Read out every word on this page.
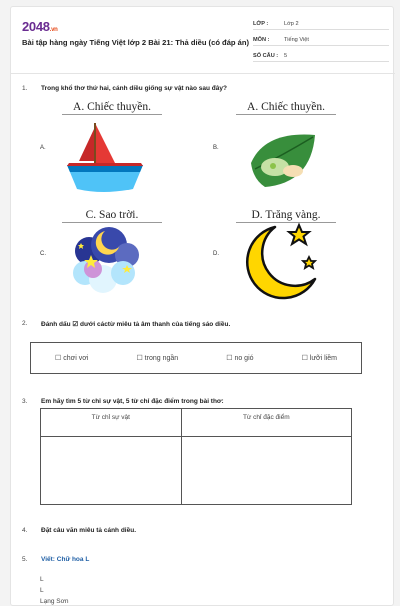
2048.vn
Bài tập hàng ngày Tiếng Việt lớp 2 Bài 21: Thả diều (có đáp án)
LỚP :	Lớp 2
MÔN :	Tiếng Việt
SỐ CÂU : 5
1. Trong khổ thơ thứ hai, cánh diều giống sự vật nào sau đây?
A. Chiếc thuyền.	A. Chiếc thuyền.
A.	B.
C. Sao trời.	D. Trăng vàng.
C.	D.
2. Đánh dấu ☑ dưới cáctừ miêu tả âm thanh của tiếng sáo diều.
☐ chơi vơi	☐ trong ngần	☐ no gió	☐ lưỡi liềm
3. Em hãy tìm 5 từ chỉ sự vật, 5 từ chỉ đặc điểm trong bài thơ:
Từ chỉ sự vật	Từ chỉ đặc điểm

4. Đặt câu văn miêu tả cánh diều.
5. Viết: Chữ hoa L
L
L
Lạng Sơn
